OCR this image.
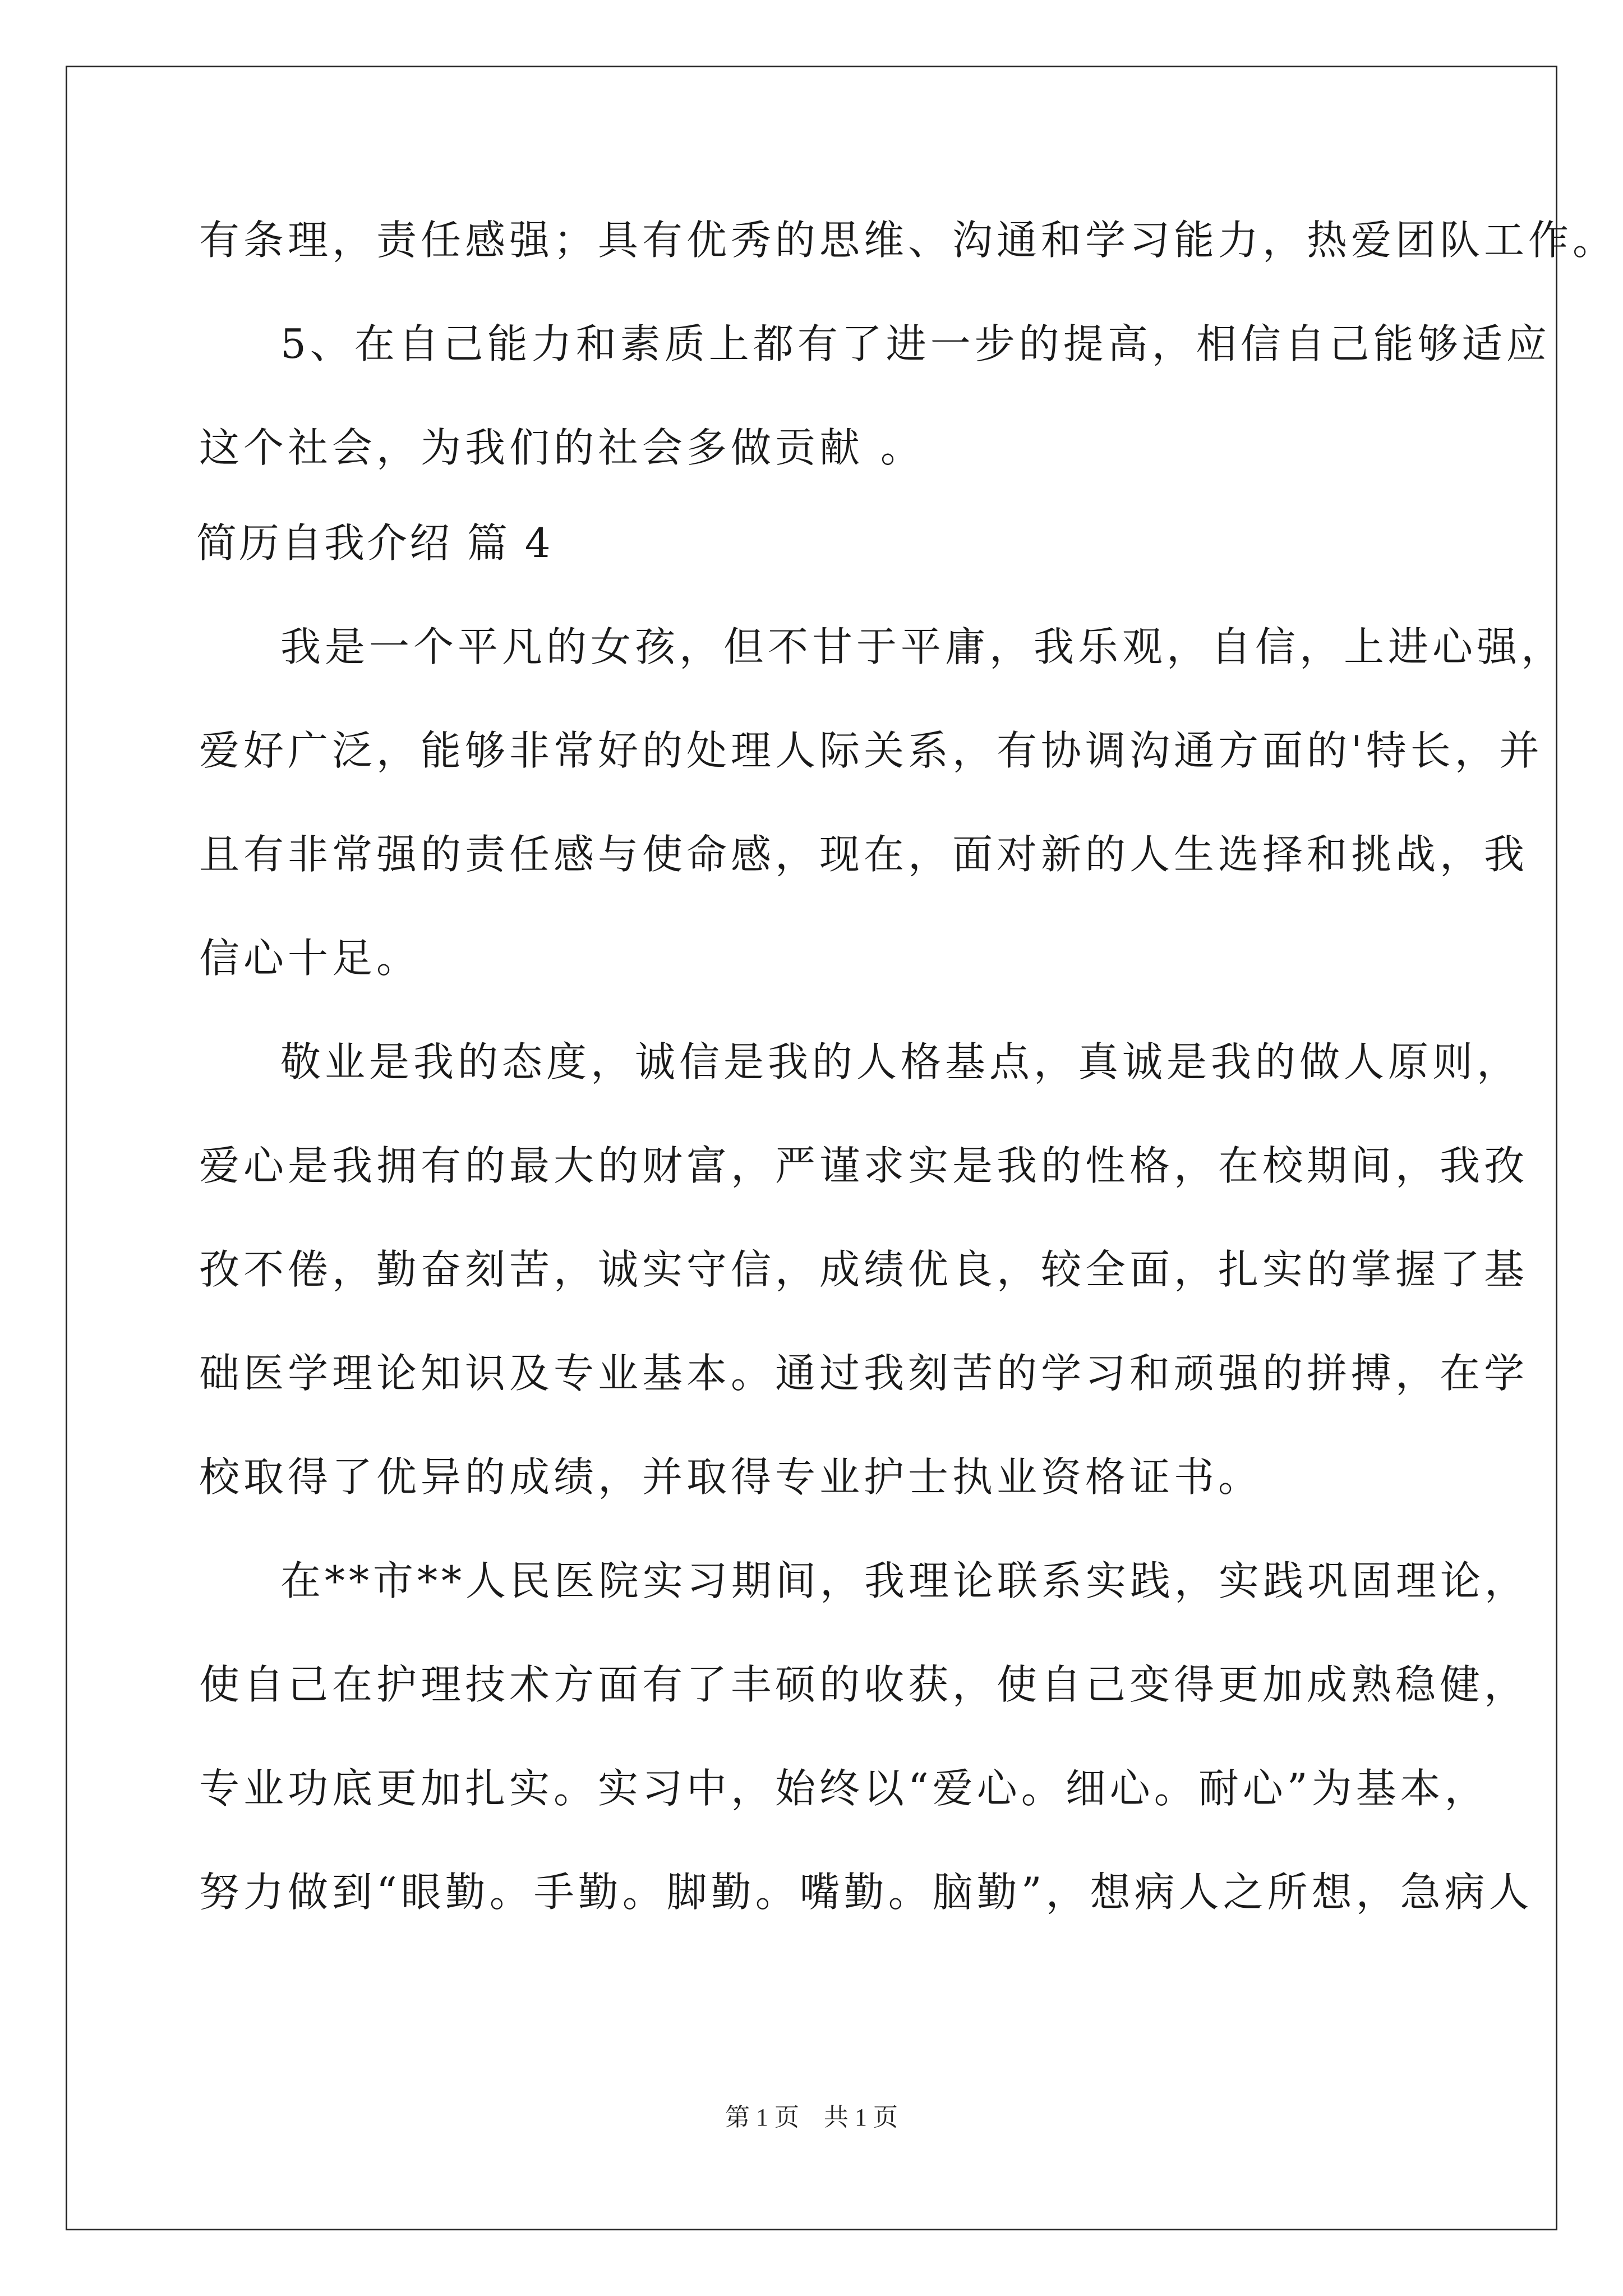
有条理，责任感强；具有优秀的思维、沟通和学习能力，热爱团队工作。
5、在自己能力和素质上都有了进一步的提高，相信自己能够适应
这个社会，为我们的社会多做贡献 。
简历自我介绍 篇 4
我是一个平凡的女孩，但不甘于平庸，我乐观，自信，上进心强，
爱好广泛，能够非常好的处理人际关系，有协调沟通方面的'特长，并
且有非常强的责任感与使命感，现在，面对新的人生选择和挑战，我
信心十足。
敬业是我的态度，诚信是我的人格基点，真诚是我的做人原则，
爱心是我拥有的最大的财富，严谨求实是我的性格，在校期间，我孜
孜不倦，勤奋刻苦，诚实守信，成绩优良，较全面，扎实的掌握了基
础医学理论知识及专业基本。通过我刻苦的学习和顽强的拼搏，在学
校取得了优异的成绩，并取得专业护士执业资格证书。
在**市**人民医院实习期间，我理论联系实践，实践巩固理论，
使自己在护理技术方面有了丰硕的收获，使自己变得更加成熟稳健，
专业功底更加扎实。实习中，始终以“爱心。细心。耐心”为基本，
努力做到“眼勤。手勤。脚勤。嘴勤。脑勤”，想病人之所想，急病人
第 1 页　共 1 页
